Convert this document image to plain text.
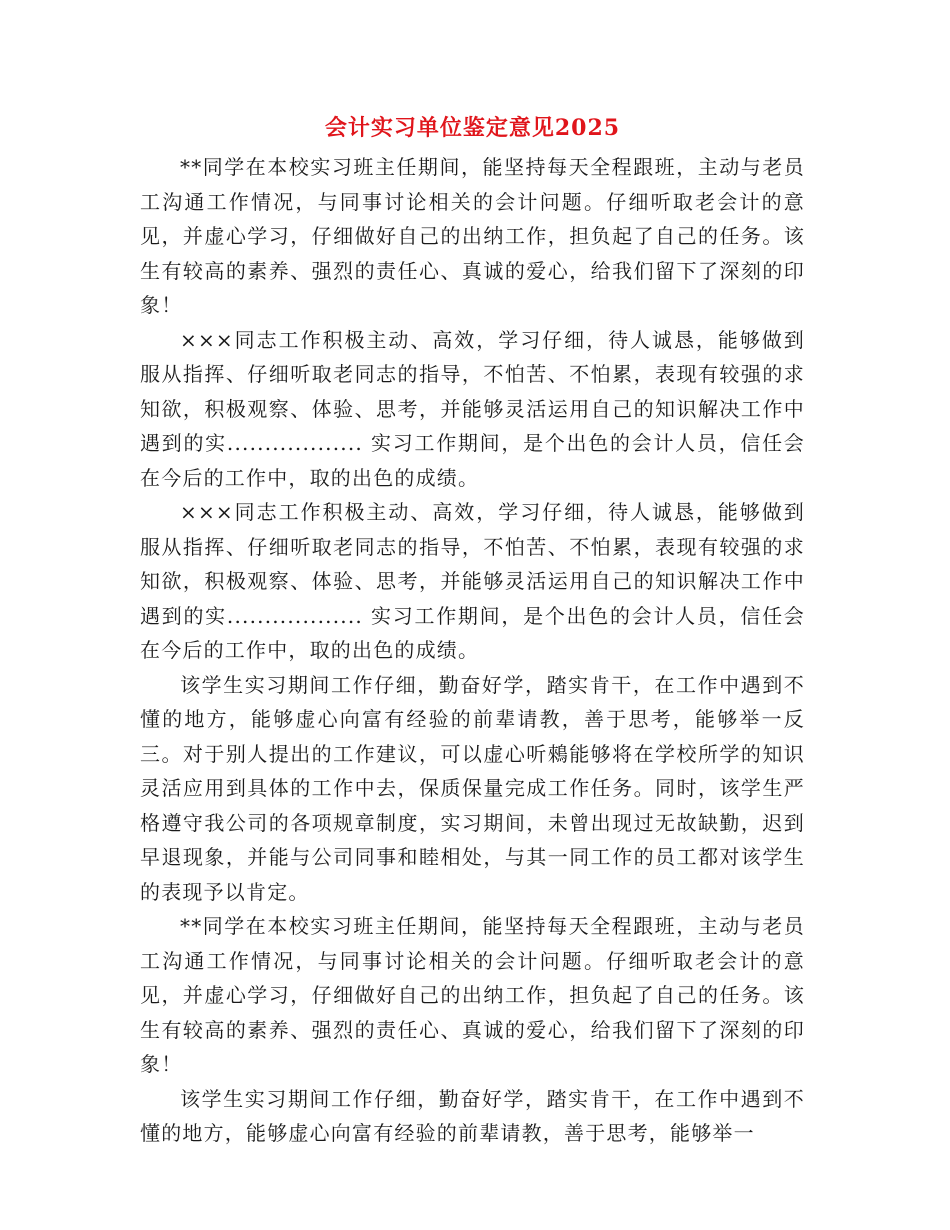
会计实习单位鉴定意见2025

**同学在本校实习班主任期间，能坚持每天全程跟班，主动与老员工沟通工作情况，与同事讨论相关的会计问题。仔细听取老会计的意见，并虚心学习，仔细做好自己的出纳工作，担负起了自己的任务。该生有较高的素养、强烈的责任心、真诚的爱心，给我们留下了深刻的印象！

×××同志工作积极主动、高效，学习仔细，待人诚恳，能够做到服从指挥、仔细听取老同志的指导，不怕苦、不怕累，表现有较强的求知欲，积极观察、体验、思考，并能够灵活运用自己的知识解决工作中遇到的实.................. 实习工作期间，是个出色的会计人员，信任会在今后的工作中，取的出色的成绩。

×××同志工作积极主动、高效，学习仔细，待人诚恳，能够做到服从指挥、仔细听取老同志的指导，不怕苦、不怕累，表现有较强的求知欲，积极观察、体验、思考，并能够灵活运用自己的知识解决工作中遇到的实.................. 实习工作期间，是个出色的会计人员，信任会在今后的工作中，取的出色的成绩。

该学生实习期间工作仔细，勤奋好学，踏实肯干，在工作中遇到不懂的地方，能够虚心向富有经验的前辈请教，善于思考，能够举一反三。对于别人提出的工作建议，可以虚心听鶆能够将在学校所学的知识灵活应用到具体的工作中去，保质保量完成工作任务。同时，该学生严格遵守我公司的各项规章制度，实习期间，未曾出现过无故缺勤，迟到早退现象，并能与公司同事和睦相处，与其一同工作的员工都对该学生的表现予以肯定。

**同学在本校实习班主任期间，能坚持每天全程跟班，主动与老员工沟通工作情况，与同事讨论相关的会计问题。仔细听取老会计的意见，并虚心学习，仔细做好自己的出纳工作，担负起了自己的任务。该生有较高的素养、强烈的责任心、真诚的爱心，给我们留下了深刻的印象！

该学生实习期间工作仔细，勤奋好学，踏实肯干，在工作中遇到不懂的地方，能够虚心向富有经验的前辈请教，善于思考，能够举一
